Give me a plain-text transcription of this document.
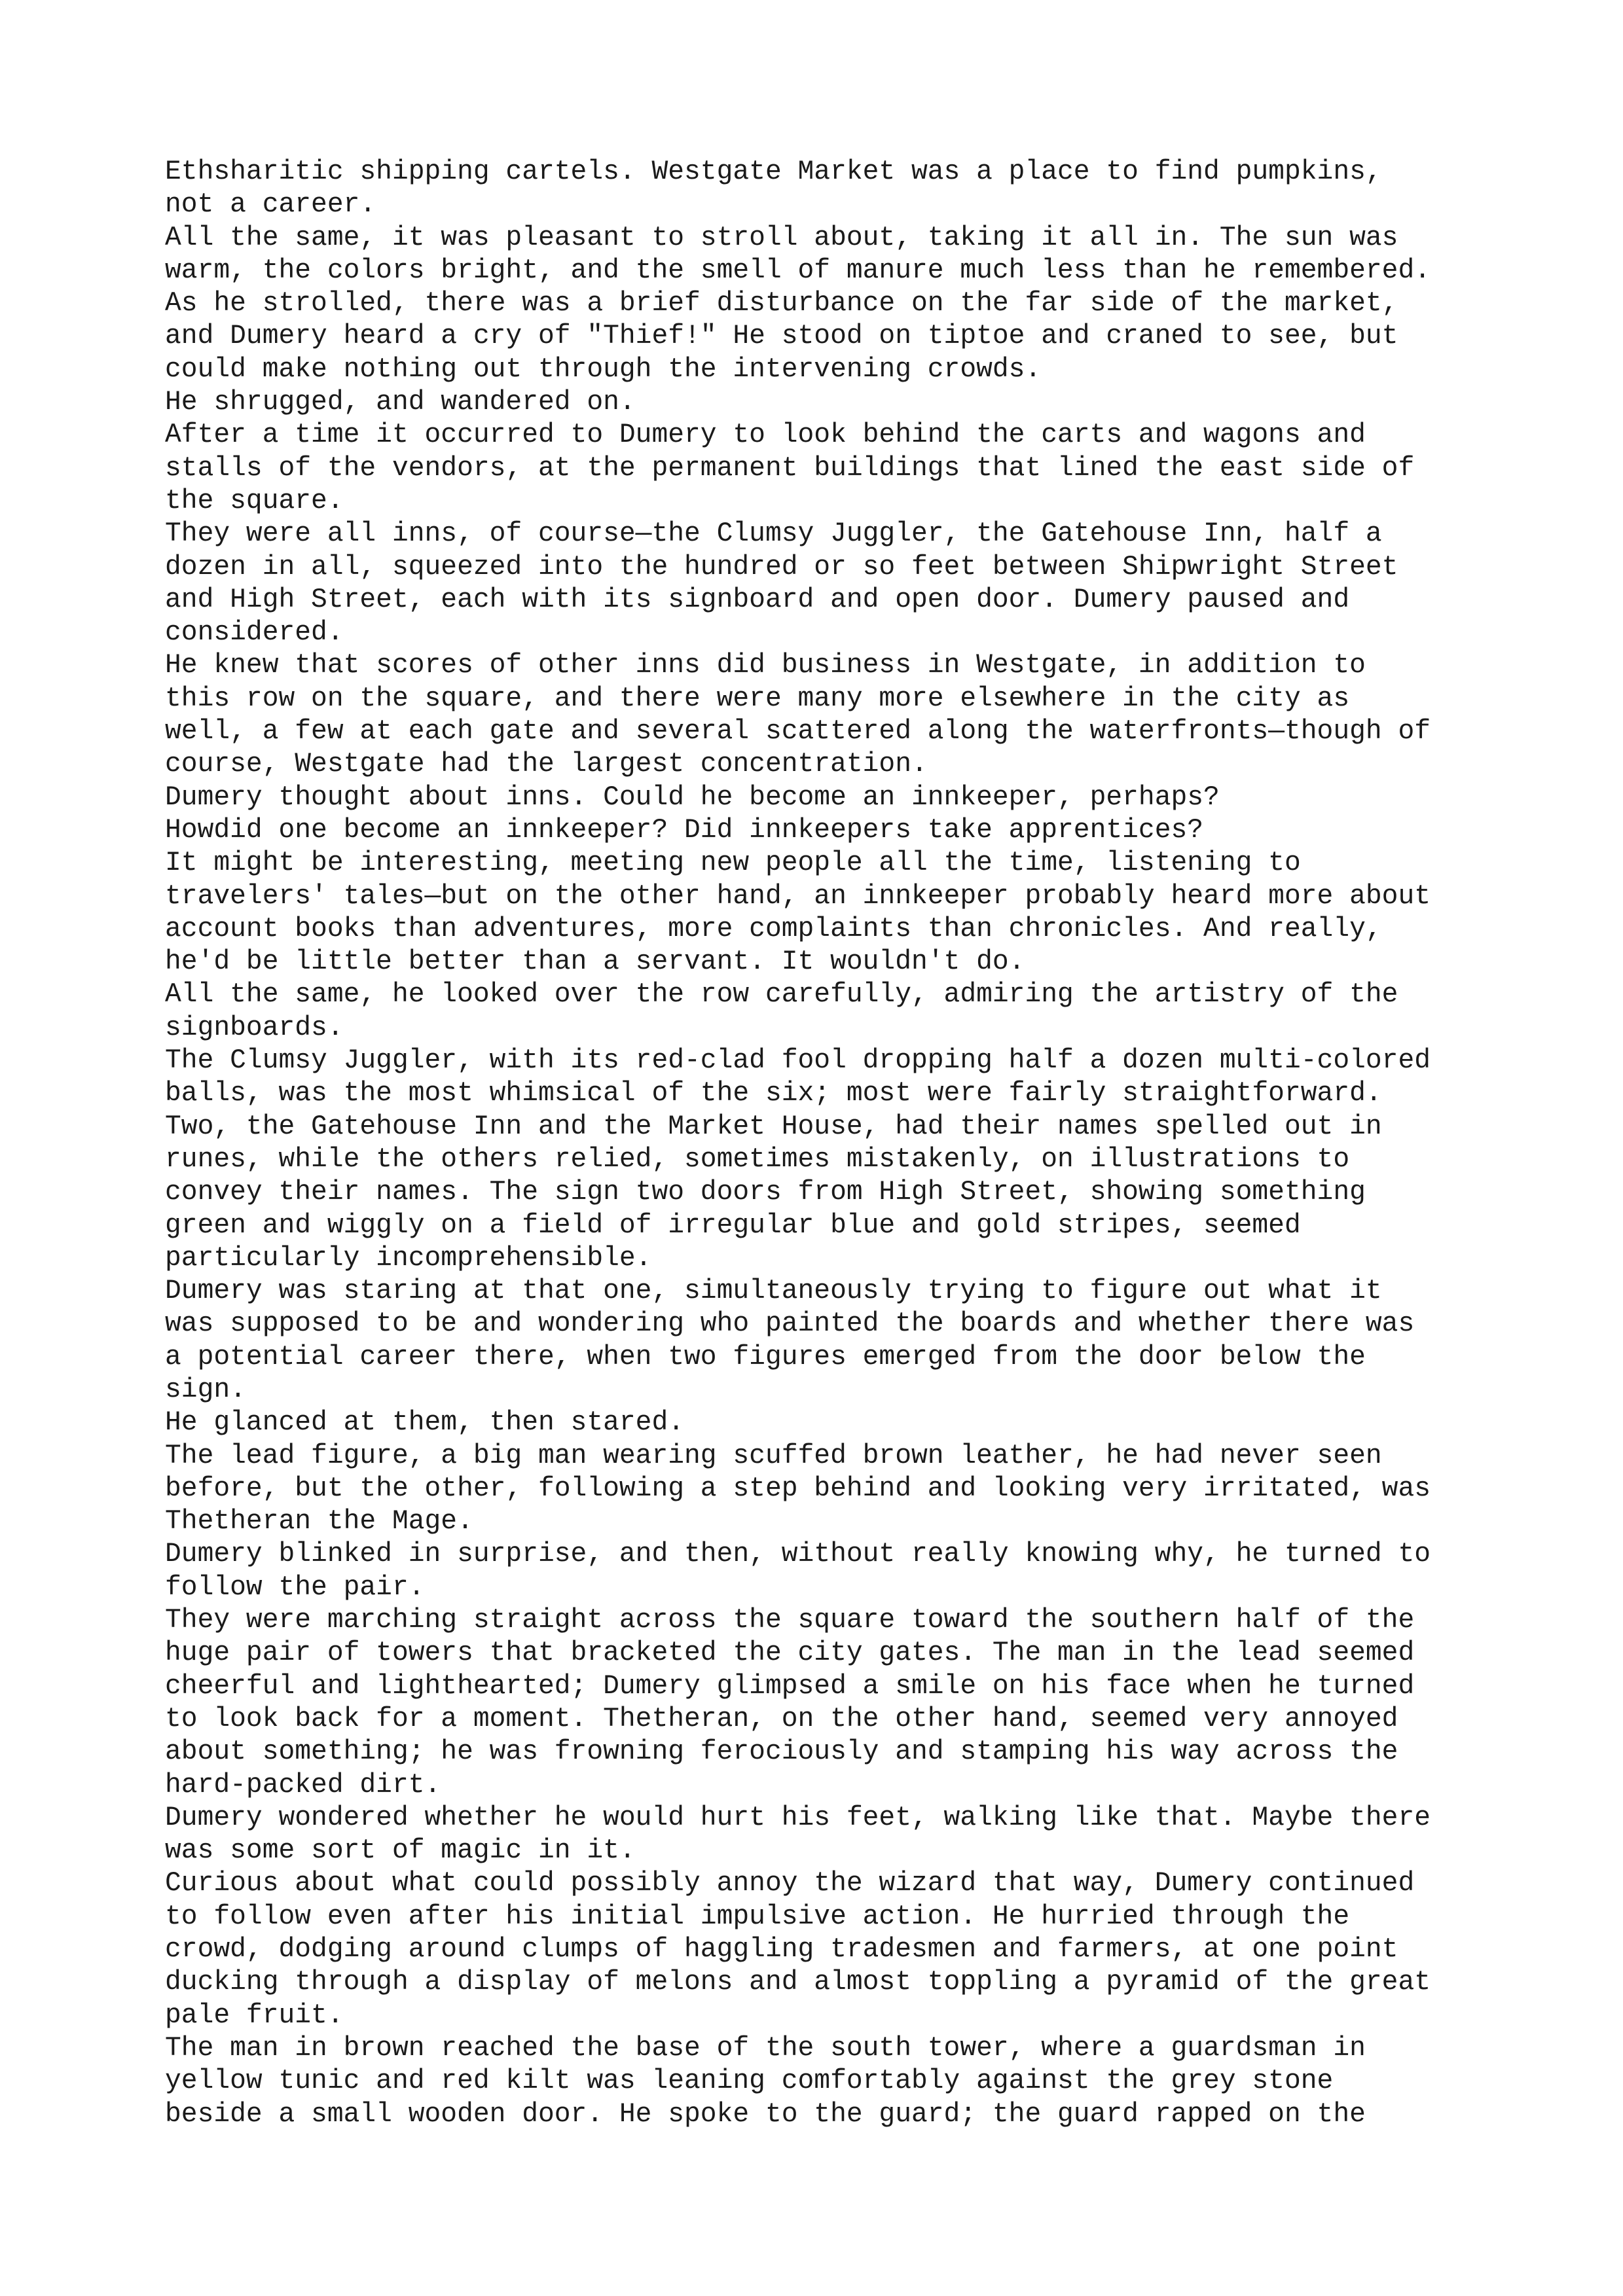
Ethsharitic shipping cartels. Westgate Market was a place to find pumpkins,
not a career.
All the same, it was pleasant to stroll about, taking it all in. The sun was
warm, the colors bright, and the smell of manure much less than he remembered.
As he strolled, there was a brief disturbance on the far side of the market,
and Dumery heard a cry of "Thief!" He stood on tiptoe and craned to see, but
could make nothing out through the intervening crowds.
He shrugged, and wandered on.
After a time it occurred to Dumery to look behind the carts and wagons and
stalls of the vendors, at the permanent buildings that lined the east side of
the square.
They were all inns, of course—the Clumsy Juggler, the Gatehouse Inn, half a
dozen in all, squeezed into the hundred or so feet between Shipwright Street
and High Street, each with its signboard and open door. Dumery paused and
considered.
He knew that scores of other inns did business in Westgate, in addition to
this row on the square, and there were many more elsewhere in the city as
well, a few at each gate and several scattered along the waterfronts—though of
course, Westgate had the largest concentration.
Dumery thought about inns. Could he become an innkeeper, perhaps?
Howdid one become an innkeeper? Did innkeepers take apprentices?
It might be interesting, meeting new people all the time, listening to
travelers' tales—but on the other hand, an innkeeper probably heard more about
account books than adventures, more complaints than chronicles. And really,
he'd be little better than a servant. It wouldn't do.
All the same, he looked over the row carefully, admiring the artistry of the
signboards.
The Clumsy Juggler, with its red-clad fool dropping half a dozen multi-colored
balls, was the most whimsical of the six; most were fairly straightforward.
Two, the Gatehouse Inn and the Market House, had their names spelled out in
runes, while the others relied, sometimes mistakenly, on illustrations to
convey their names. The sign two doors from High Street, showing something
green and wiggly on a field of irregular blue and gold stripes, seemed
particularly incomprehensible.
Dumery was staring at that one, simultaneously trying to figure out what it
was supposed to be and wondering who painted the boards and whether there was
a potential career there, when two figures emerged from the door below the
sign.
He glanced at them, then stared.
The lead figure, a big man wearing scuffed brown leather, he had never seen
before, but the other, following a step behind and looking very irritated, was
Thetheran the Mage.
Dumery blinked in surprise, and then, without really knowing why, he turned to
follow the pair.
They were marching straight across the square toward the southern half of the
huge pair of towers that bracketed the city gates. The man in the lead seemed
cheerful and lighthearted; Dumery glimpsed a smile on his face when he turned
to look back for a moment. Thetheran, on the other hand, seemed very annoyed
about something; he was frowning ferociously and stamping his way across the
hard-packed dirt.
Dumery wondered whether he would hurt his feet, walking like that. Maybe there
was some sort of magic in it.
Curious about what could possibly annoy the wizard that way, Dumery continued
to follow even after his initial impulsive action. He hurried through the
crowd, dodging around clumps of haggling tradesmen and farmers, at one point
ducking through a display of melons and almost toppling a pyramid of the great
pale fruit.
The man in brown reached the base of the south tower, where a guardsman in
yellow tunic and red kilt was leaning comfortably against the grey stone
beside a small wooden door. He spoke to the guard; the guard rapped on the
